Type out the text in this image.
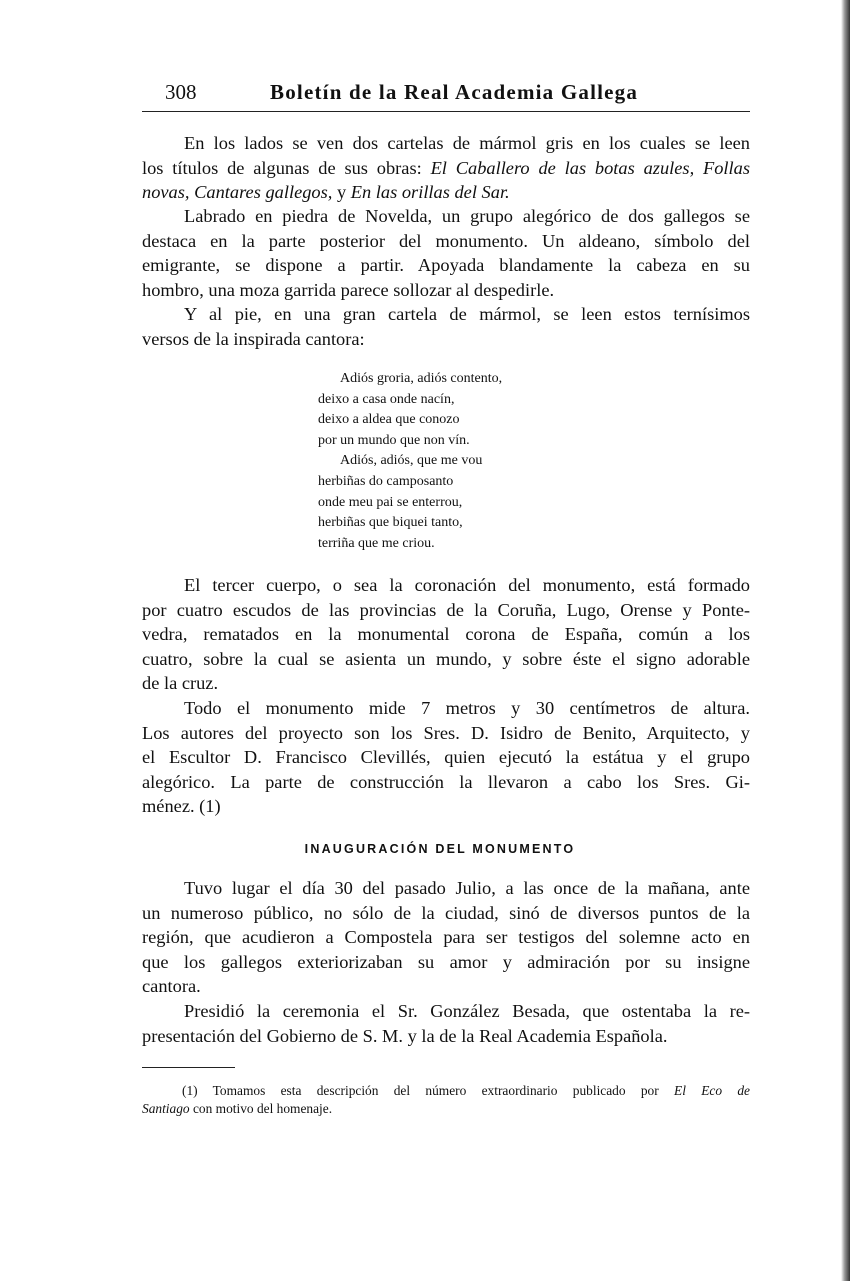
308	Boletín de la Real Academia Gallega
En los lados se ven dos cartelas de mármol gris en los cuales se leen
los títulos de algunas de sus obras: El Caballero de las botas azules, Follas
novas, Cantares gallegos, y En las orillas del Sar.
Labrado en piedra de Novelda, un grupo alegórico de dos gallegos se
destaca en la parte posterior del monumento. Un aldeano, símbolo del
emigrante, se dispone a partir. Apoyada blandamente la cabeza en su
hombro, una moza garrida parece sollozar al despedirle.
Y al pie, en una gran cartela de mármol, se leen estos ternísimos
versos de la inspirada cantora:
El tercer cuerpo, o sea la coronación del monumento, está formado
por cuatro escudos de las provincias de la Coruña, Lugo, Orense y Ponte-
vedra, rematados en la monumental corona de España, común a los
cuatro, sobre la cual se asienta un mundo, y sobre éste el signo adorable
de la cruz.
Todo el monumento mide 7 metros y 30 centímetros de altura.
Los autores del proyecto son los Sres. D. Isidro de Benito, Arquitecto, y
el Escultor D. Francisco Clevillés, quien ejecutó la estátua y el grupo
alegórico. La parte de construcción la llevaron a cabo los Sres. Gi-
ménez. (1)
Tuvo lugar el día 30 del pasado Julio, a las once de la mañana, ante
un numeroso público, no sólo de la ciudad, sinó de diversos puntos de la
región, que acudieron a Compostela para ser testigos del solemne acto en
que los gallegos exteriorizaban su amor y admiración por su insigne
cantora.
Presidió la ceremonia el Sr. González Besada, que ostentaba la re-
presentación del Gobierno de S. M. y la de la Real Academia Española.
Adiós groria, adiós contento,
deixo a casa onde nacín,
deixo a aldea que conozo
por un mundo que non vín.
Adiós, adiós, que me vou
herbiñas do camposanto
onde meu pai se enterrou,
herbiñas que biquei tanto,
terriña que me criou.
INAUGURACIÓN DEL MONUMENTO
(1) Tomamos esta descripción del número extraordinario publicado por El Eco de
Santiago con motivo del homenaje.
